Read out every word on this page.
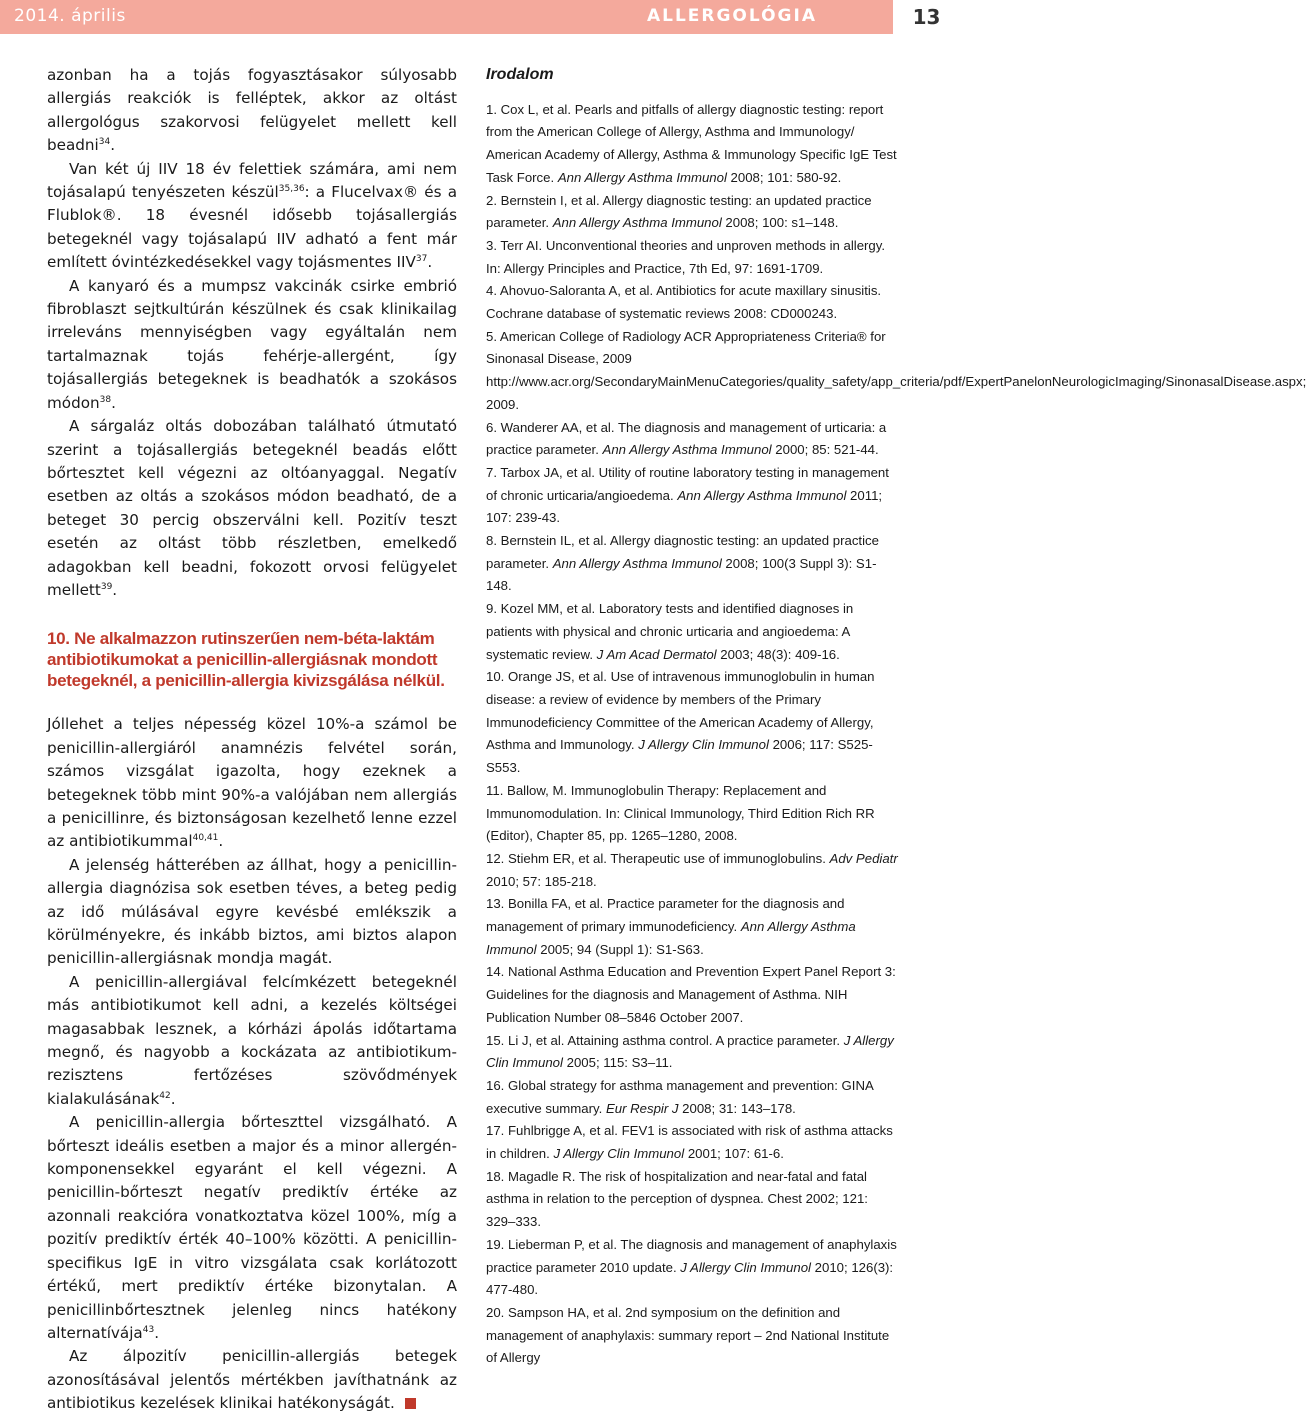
2014. április	ALLERGOLÓGIA	13

azonban ha a tojás fogyasztásakor súlyosabb allergiás reakciók is felléptek, akkor az oltást allergológus szakorvosi felügyelet mellett kell beadni$^{34}$.

Van két új IIV 18 év felettiek számára, ami nem tojásalapú tenyészeten készül$^{35,36}$: a Flucelvax® és a Flublok®. 18 évesnél idősebb tojásallergiás betegeknél vagy tojásalapú IIV adható a fent már említett óvintézkedésekkel vagy tojásmentes IIV$^{37}$.

A kanyaró és a mumpsz vakcinák csirke embrió fibroblaszt sejtkultúrán készülnek és csak klinikailag irreleváns mennyiségben vagy egyáltalán nem tartalmaznak tojás fehérje-allergént, így tojásallergiás betegeknek is beadhatók a szokásos módon$^{38}$.

A sárgaláz oltás dobozában található útmutató szerint a tojásallergiás betegeknél beadás előtt bőrtesztet kell végezni az oltóanyaggal. Negatív esetben az oltás a szokásos módon beadható, de a beteget 30 percig obszerválni kell. Pozitív teszt esetén az oltást több részletben, emelkedő adagokban kell beadni, fokozott orvosi felügyelet mellett$^{39}$.

10. Ne alkalmazzon rutinszerűen nem-béta-laktám antibiotikumokat a penicillin-allergiásnak mondott betegeknél, a penicillin-allergia kivizsgálása nélkül.

Jóllehet a teljes népesség közel 10%-a számol be penicillin-allergiáról anamnézis felvétel során, számos vizsgálat igazolta, hogy ezeknek a betegeknek több mint 90%-a valójában nem allergiás a penicillinre, és biztonságosan kezelhető lenne ezzel az antibiotikummal$^{40,41}$.

A jelenség hátterében az állhat, hogy a penicillin-allergia diagnózisa sok esetben téves, a beteg pedig az idő múlásával egyre kevésbé emlékszik a körülményekre, és inkább biztos, ami biztos alapon penicillin-allergiásnak mondja magát.

A penicillin-allergiával felcímkézett betegeknél más antibiotikumot kell adni, a kezelés költségei magasabbak lesznek, a kórházi ápolás időtartama megnő, és nagyobb a kockázata az antibiotikum-rezisztens fertőzéses szövődmények kialakulásának$^{42}$.

A penicillin-allergia bőrteszttel vizsgálható. A bőrteszt ideális esetben a major és a minor allergén-komponensekkel egyaránt el kell végezni. A penicillin-bőrteszt negatív prediktív értéke az azonnali reakcióra vonatkoztatva közel 100%, míg a pozitív prediktív érték 40–100% közötti. A penicillin-specifikus IgE in vitro vizsgálata csak korlátozott értékű, mert prediktív értéke bizonytalan. A penicillinbőrtesztnek jelenleg nincs hatékony alternatívája$^{43}$.

Az álpozitív penicillin-allergiás betegek azonosításával jelentős mértékben javíthatnánk az antibiotikus kezelések klinikai hatékonyságát.

Irodalom
1. Cox L, et al. Pearls and pitfalls of allergy diagnostic testing: report from the American College of Allergy, Asthma and Immunology/ American Academy of Allergy, Asthma & Immunology Specific IgE Test Task Force. Ann Allergy Asthma Immunol 2008; 101: 580-92.
2. Bernstein I, et al. Allergy diagnostic testing: an updated practice parameter. Ann Allergy Asthma Immunol 2008; 100: s1–148.
3. Terr AI. Unconventional theories and unproven methods in allergy. In: Allergy Principles and Practice, 7th Ed, 97: 1691-1709.
4. Ahovuo-Saloranta A, et al. Antibiotics for acute maxillary sinusitis. Cochrane database of systematic reviews 2008: CD000243.
5. American College of Radiology ACR Appropriateness Criteria® for Sinonasal Disease, 2009 http://www.acr.org/SecondaryMainMenuCategories/quality_safety/app_criteria/pdf/ExpertPanelonNeurologicImaging/SinonasalDisease.aspx; 2009.
6. Wanderer AA, et al. The diagnosis and management of urticaria: a practice parameter. Ann Allergy Asthma Immunol 2000; 85: 521-44.
7. Tarbox JA, et al. Utility of routine laboratory testing in management of chronic urticaria/angioedema. Ann Allergy Asthma Immunol 2011; 107: 239-43.
8. Bernstein IL, et al. Allergy diagnostic testing: an updated practice parameter. Ann Allergy Asthma Immunol 2008; 100(3 Suppl 3): S1-148.
9. Kozel MM, et al. Laboratory tests and identified diagnoses in patients with physical and chronic urticaria and angioedema: A systematic review. J Am Acad Dermatol 2003; 48(3): 409-16.
10. Orange JS, et al. Use of intravenous immunoglobulin in human disease: a review of evidence by members of the Primary Immunodeficiency Committee of the American Academy of Allergy, Asthma and Immunology. J Allergy Clin Immunol 2006; 117: S525-S553.
11. Ballow, M. Immunoglobulin Therapy: Replacement and Immunomodulation. In: Clinical Immunology, Third Edition Rich RR (Editor), Chapter 85, pp. 1265–1280, 2008.
12. Stiehm ER, et al. Therapeutic use of immunoglobulins. Adv Pediatr 2010; 57: 185-218.
13. Bonilla FA, et al. Practice parameter for the diagnosis and management of primary immunodeficiency. Ann Allergy Asthma Immunol 2005; 94 (Suppl 1): S1-S63.
14. National Asthma Education and Prevention Expert Panel Report 3: Guidelines for the diagnosis and Management of Asthma. NIH Publication Number 08–5846 October 2007.
15. Li J, et al. Attaining asthma control. A practice parameter. J Allergy Clin Immunol 2005; 115: S3–11.
16. Global strategy for asthma management and prevention: GINA executive summary. Eur Respir J 2008; 31: 143–178.
17. Fuhlbrigge A, et al. FEV1 is associated with risk of asthma attacks in children. J Allergy Clin Immunol 2001; 107: 61-6.
18. Magadle R. The risk of hospitalization and near-fatal and fatal asthma in relation to the perception of dyspnea. Chest 2002; 121: 329–333.
19. Lieberman P, et al. The diagnosis and management of anaphylaxis practice parameter 2010 update. J Allergy Clin Immunol 2010; 126(3): 477-480.
20. Sampson HA, et al. 2nd symposium on the definition and management of anaphylaxis: summary report – 2nd National Institute of Allergy
